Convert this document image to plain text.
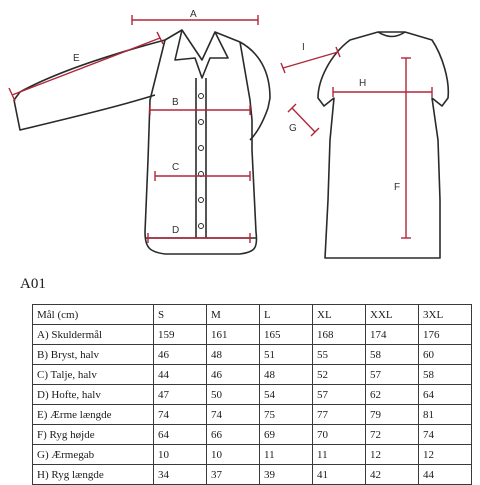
A
E
B
C
D
I
H
G
F
A01
Mål (cm)	S	M	L	XL	XXL	3XL
A) Skuldermål	159	161	165	168	174	176
B) Bryst, halv	46	48	51	55	58	60
C) Talje, halv	44	46	48	52	57	58
D) Hofte, halv	47	50	54	57	62	64
E) Ærme længde	74	74	75	77	79	81
F) Ryg højde	64	66	69	70	72	74
G) Ærmegab	10	10	11	11	12	12
H) Ryg længde	34	37	39	41	42	44
